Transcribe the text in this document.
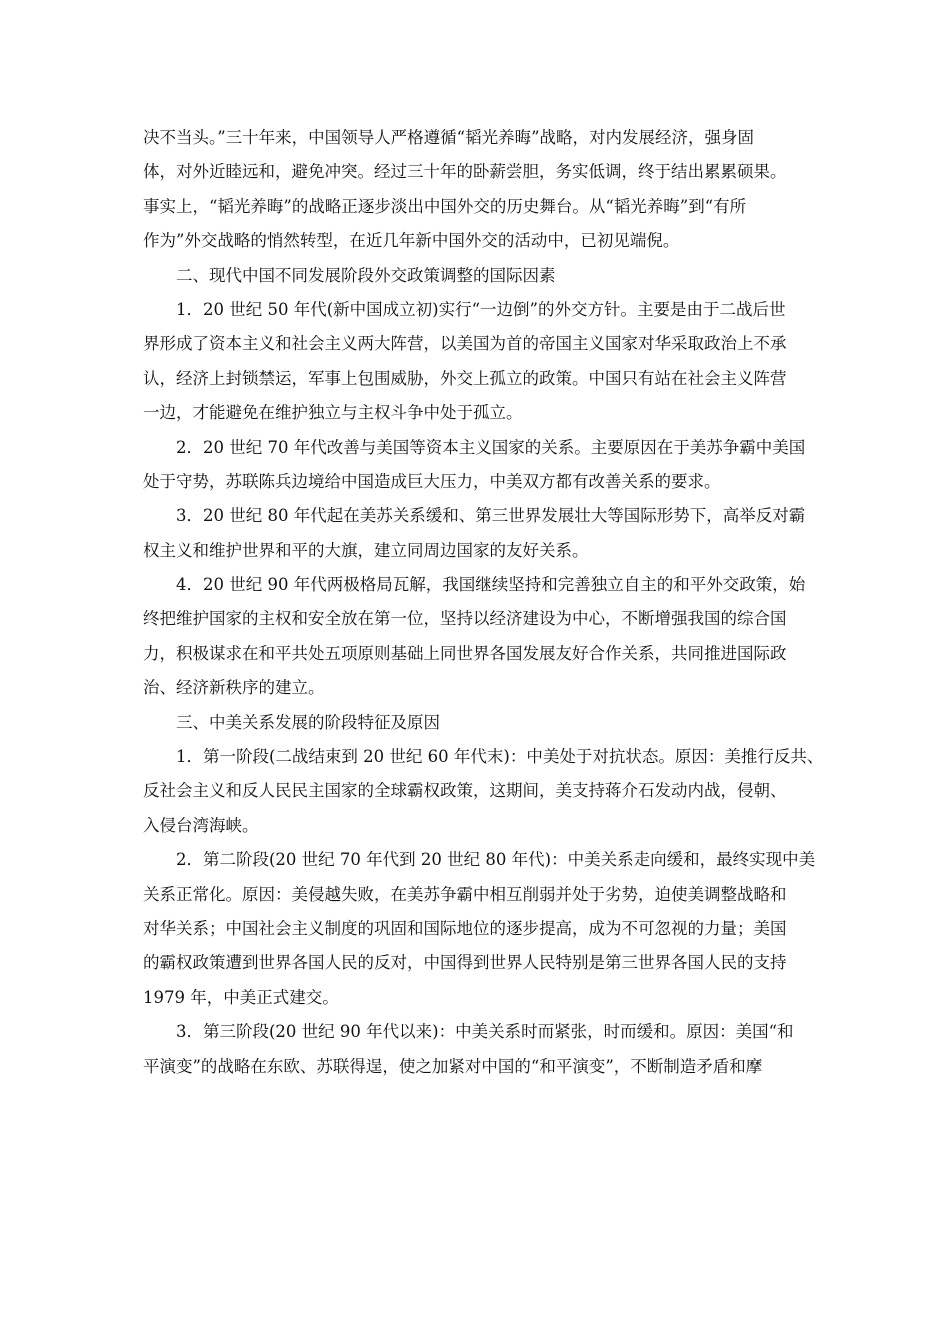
决不当头。”三十年来，中国领导人严格遵循“韬光养晦”战略，对内发展经济，强身固
体，对外近睦远和，避免冲突。经过三十年的卧薪尝胆，务实低调，终于结出累累硕果。
事实上，“韬光养晦”的战略正逐步淡出中国外交的历史舞台。从“韬光养晦”到“有所
作为”外交战略的悄然转型，在近几年新中国外交的活动中，已初见端倪。
二、现代中国不同发展阶段外交政策调整的国际因素
1．20 世纪 50 年代(新中国成立初)实行“一边倒”的外交方针。主要是由于二战后世
界形成了资本主义和社会主义两大阵营，以美国为首的帝国主义国家对华采取政治上不承
认，经济上封锁禁运，军事上包围威胁，外交上孤立的政策。中国只有站在社会主义阵营
一边，才能避免在维护独立与主权斗争中处于孤立。
2．20 世纪 70 年代改善与美国等资本主义国家的关系。主要原因在于美苏争霸中美国
处于守势，苏联陈兵边境给中国造成巨大压力，中美双方都有改善关系的要求。
3．20 世纪 80 年代起在美苏关系缓和、第三世界发展壮大等国际形势下，高举反对霸
权主义和维护世界和平的大旗，建立同周边国家的友好关系。
4．20 世纪 90 年代两极格局瓦解，我国继续坚持和完善独立自主的和平外交政策，始
终把维护国家的主权和安全放在第一位，坚持以经济建设为中心，不断增强我国的综合国
力，积极谋求在和平共处五项原则基础上同世界各国发展友好合作关系，共同推进国际政
治、经济新秩序的建立。
三、中美关系发展的阶段特征及原因
1．第一阶段(二战结束到 20 世纪 60 年代末)：中美处于对抗状态。原因：美推行反共、
反社会主义和反人民民主国家的全球霸权政策，这期间，美支持蒋介石发动内战，侵朝、
入侵台湾海峡。
2．第二阶段(20 世纪 70 年代到 20 世纪 80 年代)：中美关系走向缓和，最终实现中美
关系正常化。原因：美侵越失败，在美苏争霸中相互削弱并处于劣势，迫使美调整战略和
对华关系；中国社会主义制度的巩固和国际地位的逐步提高，成为不可忽视的力量；美国
的霸权政策遭到世界各国人民的反对，中国得到世界人民特别是第三世界各国人民的支持
1979 年，中美正式建交。
3．第三阶段(20 世纪 90 年代以来)：中美关系时而紧张，时而缓和。原因：美国“和
平演变”的战略在东欧、苏联得逞，使之加紧对中国的“和平演变”，不断制造矛盾和摩
